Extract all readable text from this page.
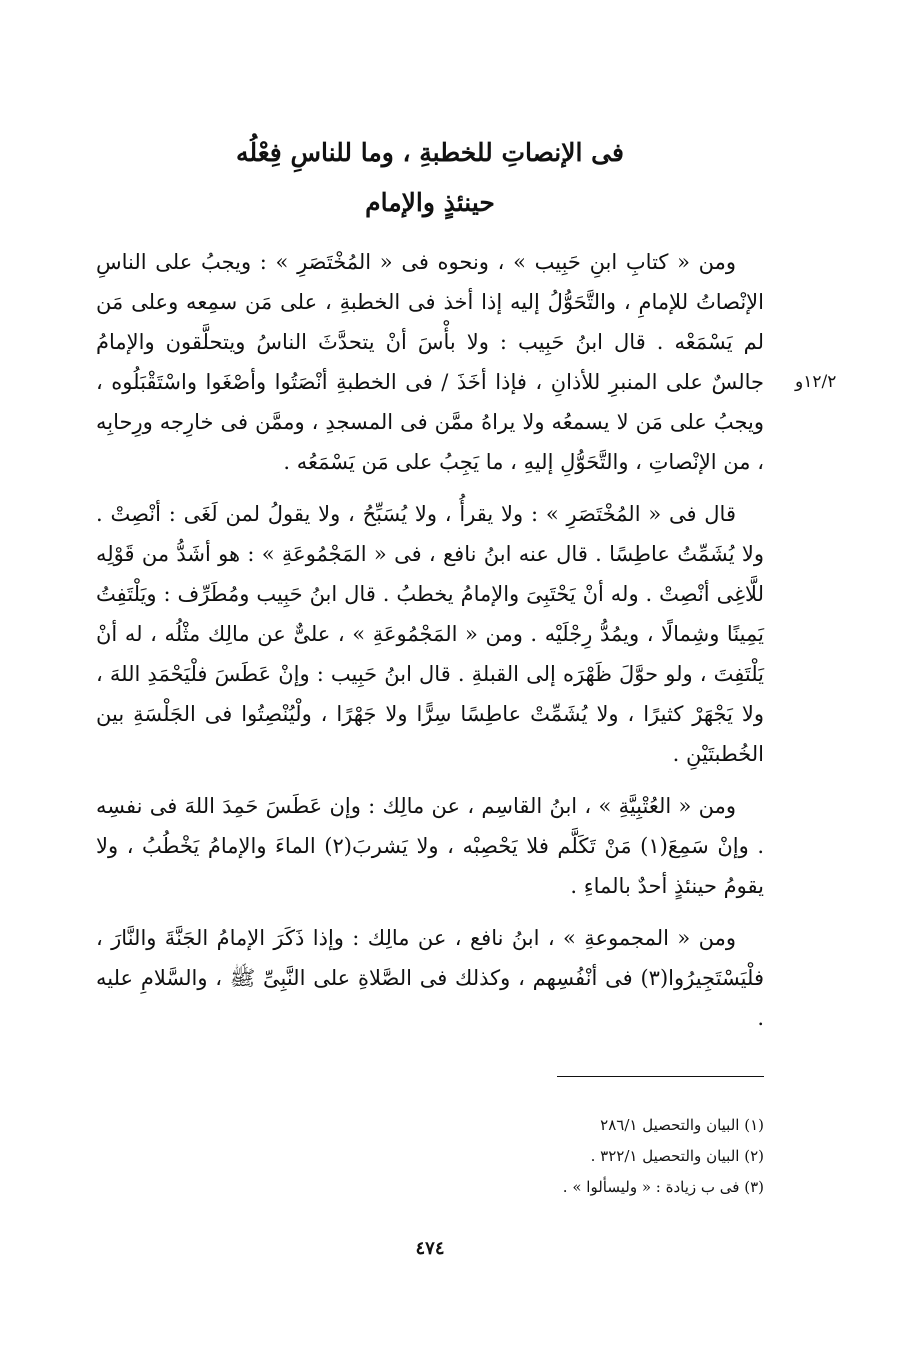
فى الإنصاتِ للخطبةِ ، وما للناسِ فِعْلُه
حينئذٍ والإمام

ومن « كتابِ ابنِ حَبِيب » ، ونحوه فى « المُخْتَصَرِ » : ويجبُ على الناسِ الإنْصاتُ للإمامِ ، والتَّحَوُّلُ إليه إذا أخذ فى الخطبةِ ، على مَن سمِعه وعلى مَن لم يَسْمَعْه . قال ابنُ حَبِيب : ولا بأْسَ أنْ يتحدَّثَ الناسُ ويتحلَّقون والإمامُ جالسٌ على المنبرِ للأذانِ ، فإذا أخَذَ / فى الخطبةِ أنْصَتُوا وأصْغَوا واسْتَقْبَلُوه ، ويجبُ على مَن لا يسمعُه ولا يراهُ ممَّن فى المسجدِ ، وممَّن فى خارِجه ورِحابِه ، من الإنْصاتِ ، والتَّحَوُّلِ إليهِ ، ما يَجِبُ على مَن يَسْمَعُه .

قال فى « المُخْتَصَرِ » : ولا يقرأُ ، ولا يُسَبِّحُ ، ولا يقولُ لمن لَغَى : أنْصِتْ . ولا يُشَمِّتُ عاطِسًا . قال عنه ابنُ نافع ، فى « المَجْمُوعَةِ » : هو أشَدُّ من قَوْلِه للَّاغِى أنْصِتْ . وله أنْ يَحْتَبِىَ والإمامُ يخطبُ . قال ابنُ حَبِيب ومُطَرِّف : ويَلْتَفِتُ يَمِينًا وشِمالًا ، ويمُدُّ رِجْلَيْه . ومن « المَجْمُوعَةِ » ، علىٌّ عن مالِك مثْلُه ، له أنْ يَلْتَفِتَ ، ولو حوَّلَ ظَهْرَه إلى القبلةِ . قال ابنُ حَبِيب : وإنْ عَطَسَ فلْيَحْمَدِ اللهَ ، ولا يَجْهَرْ كثيرًا ، ولا يُشَمِّتْ عاطِسًا سِرًّا ولا جَهْرًا ، ولْيُنْصِتُوا فى الجَلْسَةِ بين الخُطبتَيْنِ .

ومن « العُتْبِيَّةِ » ، ابنُ القاسِم ، عن مالِك : وإن عَطَسَ حَمِدَ اللهَ فى نفسِه . وإنْ سَمِعَ(١) مَنْ تَكَلَّم فلا يَحْصِبْه ، ولا يَشربَ(٢) الماءَ والإمامُ يَخْطُبُ ، ولا يقومُ حينئذٍ أحدٌ بالماءِ .

ومن « المجموعةِ » ، ابنُ نافع ، عن مالِك : وإذا ذَكَرَ الإمامُ الجَنَّةَ والنَّارَ ، فلْيَسْتَجِيرُوا(٣) فى أنْفُسِهم ، وكذلك فى الصَّلاةِ على النَّبِىِّ ﷺ ، والسَّلامِ عليه .

١٢/٢و

(١) البيان والتحصيل ٢٨٦/١

(٢) البيان والتحصيل ٣٢٢/١ .

(٣) فى ب زيادة : « وليسألوا » .

٤٧٤
